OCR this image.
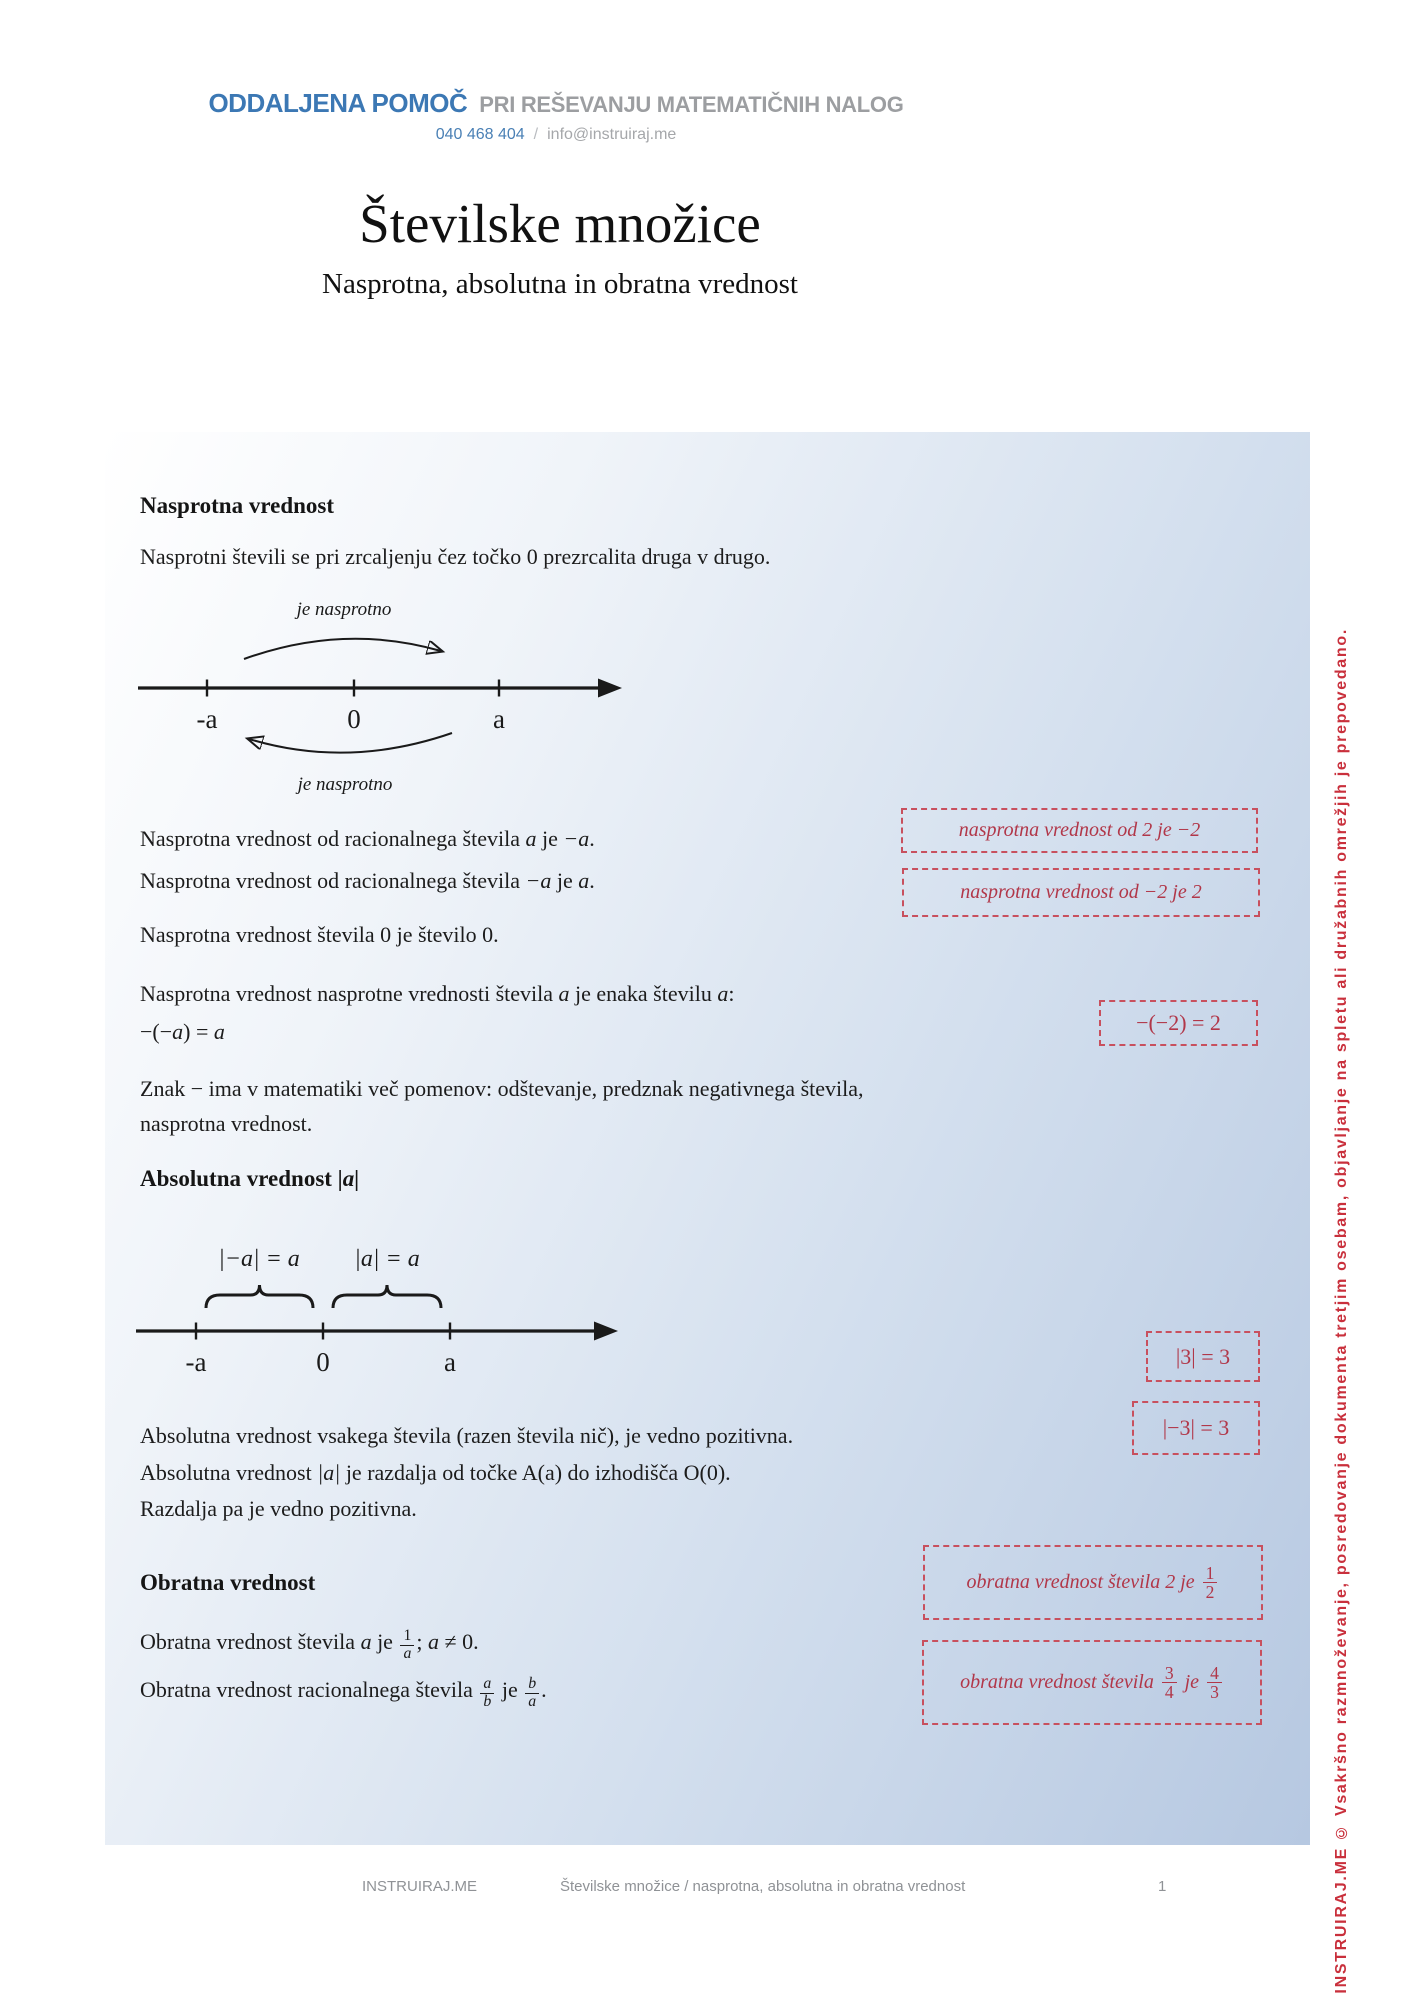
ODDALJENA POMOČ PRI REŠEVANJU MATEMATIČNIH NALOG
040 468 404 / info@instruiraj.me
Številske množice
Nasprotna, absolutna in obratna vrednost
Nasprotna vrednost
Nasprotni števili se pri zrcaljenju čez točko 0 prezrcalita druga v drugo.
je nasprotno
-a	0	a
je nasprotno
Nasprotna vrednost od racionalnega števila a je −a.
Nasprotna vrednost od racionalnega števila −a je a.
Nasprotna vrednost števila 0 je število 0.
nasprotna vrednost od 2 je −2
nasprotna vrednost od −2 je 2
Nasprotna vrednost nasprotne vrednosti števila a je enaka številu a:
−(−a) = a	−(−2) = 2
Znak − ima v matematiki več pomenov: odštevanje, predznak negativnega števila,
nasprotna vrednost.
Absolutna vrednost |a|
|−a| = a |a| = a
-a	0	a	|3| = 3
|−3| = 3
Absolutna vrednost vsakega števila (razen števila nič), je vedno pozitivna.
Absolutna vrednost |a| je razdalja od točke A(a) do izhodišča O(0).
Razdalja pa je vedno pozitivna.
Obratna vrednost	obratna vrednost števila 2 je $\frac{1}{2}$
Obratna vrednost števila a je $\frac{1}{a}$ ; a ≠ 0.
obratna vrednost števila $\frac{3}{4}$ je $\frac{4}{3}$
Obratna vrednost racionalnega števila $\frac{a}{b}$ je $\frac{b}{a}$ .	INSTRUIRAJ.ME © Vsakršno razmnoževanje, posredovanje dokumenta tretjim osebam, objavljanje na spletu ali družabnih omrežjih je prepovedano.
INSTRUIRAJ.ME	Številske množice / nasprotna, absolutna in obratna vrednost	1
